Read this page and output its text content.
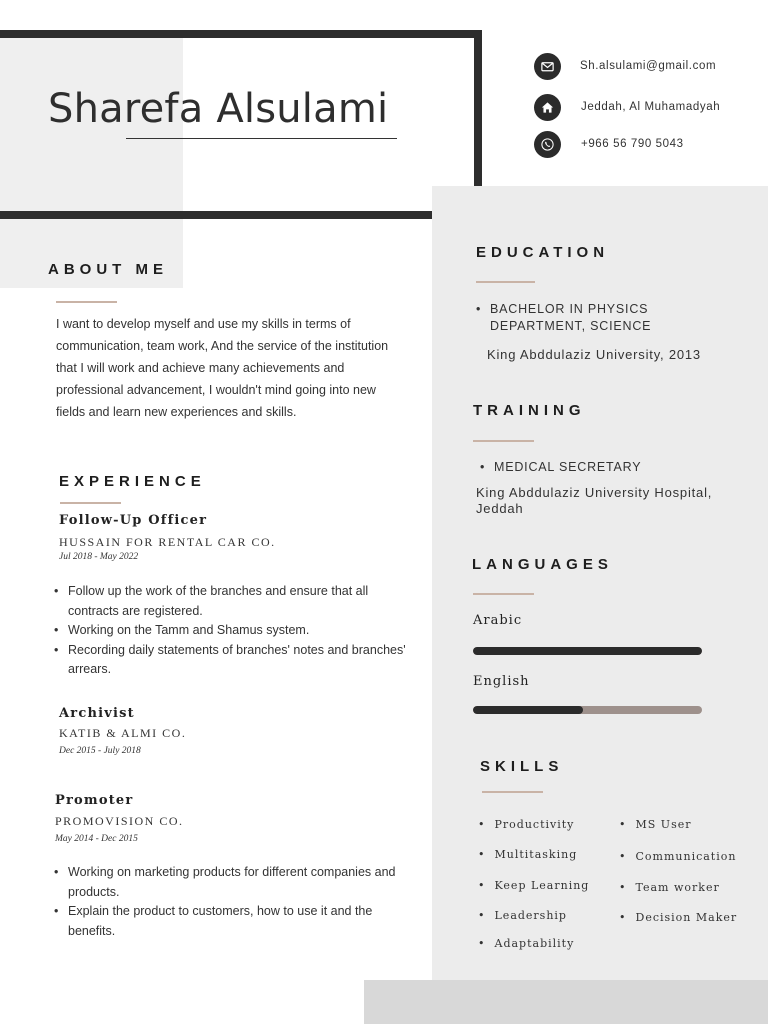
Sharefa Alsulami
Sh.alsulami@gmail.com
Jeddah, Al Muhamadyah
+966 56 790 5043
ABOUT ME
I want to develop myself and use my skills in terms of communication, team work, And the service of the institution that I will work and achieve many achievements and professional advancement, I wouldn't mind going into new fields and learn new experiences and skills.
EXPERIENCE
Follow-Up Officer
HUSSAIN FOR RENTAL CAR CO.
Jul 2018 - May 2022
• Follow up the work of the branches and ensure that all contracts are registered.
• Working on the Tamm and Shamus system.
• Recording daily statements of branches' notes and branches' arrears.
Archivist
KATIB & ALMI CO.
Dec 2015 - July 2018
Promoter
PROMOVISION CO.
May 2014 - Dec 2015
• Working on marketing products for different companies and products.
• Explain the product to customers, how to use it and the benefits.
EDUCATION
• BACHELOR IN PHYSICS DEPARTMENT, SCIENCE
King Abddulaziz University, 2013
TRAINING
• MEDICAL SECRETARY
King Abddulaziz University Hospital, Jeddah
LANGUAGES
Arabic
English
SKILLS
• Productivity
• Multitasking
• Keep Learning
• Leadership
• Adaptability
• MS User
• Communication
• Team worker
• Decision Maker
